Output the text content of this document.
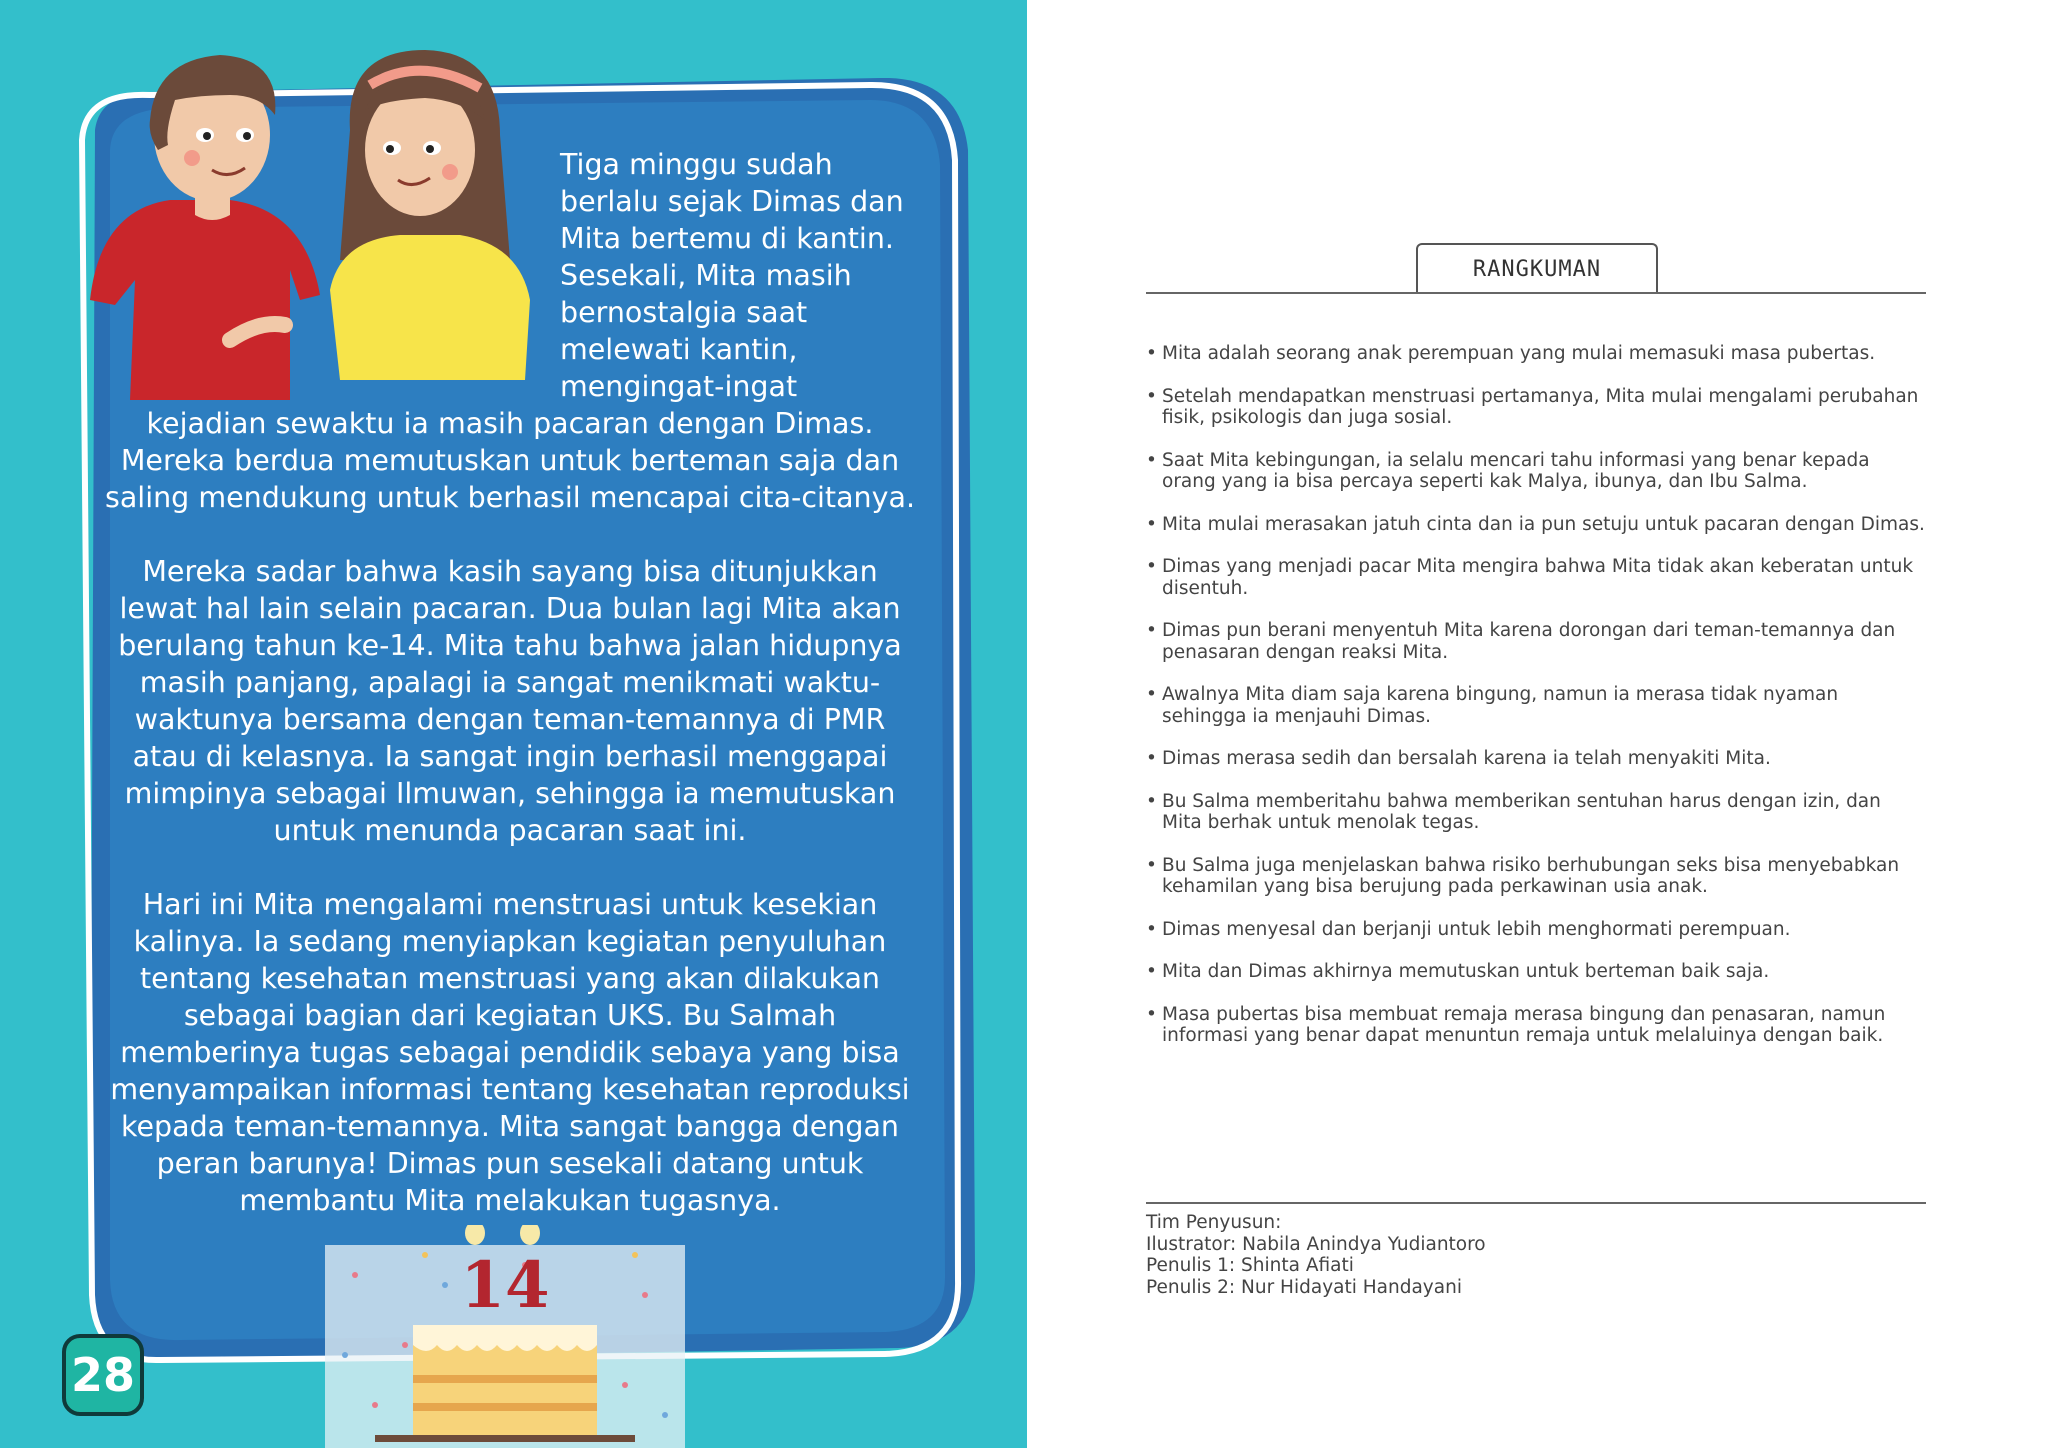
Tiga minggu sudah berlalu sejak Dimas dan Mita bertemu di kantin. Sesekali, Mita masih bernostalgia saat melewati kantin, mengingat-ingat
kejadian sewaktu ia masih pacaran dengan Dimas. Mereka berdua memutuskan untuk berteman saja dan saling mendukung untuk berhasil mencapai cita-citanya.

Mereka sadar bahwa kasih sayang bisa ditunjukkan lewat hal lain selain pacaran. Dua bulan lagi Mita akan berulang tahun ke-14. Mita tahu bahwa jalan hidupnya masih panjang, apalagi ia sangat menikmati waktu-waktunya bersama dengan teman-temannya di PMR atau di kelasnya. Ia sangat ingin berhasil menggapai mimpinya sebagai Ilmuwan, sehingga ia memutuskan untuk menunda pacaran saat ini.

Hari ini Mita mengalami menstruasi untuk kesekian kalinya. Ia sedang menyiapkan kegiatan penyuluhan tentang kesehatan menstruasi yang akan dilakukan sebagai bagian dari kegiatan UKS. Bu Salmah memberinya tugas sebagai pendidik sebaya yang bisa menyampaikan informasi tentang kesehatan reproduksi kepada teman-temannya. Mita sangat bangga dengan peran barunya! Dimas pun sesekali datang untuk membantu Mita melakukan tugasnya.

14
28
RANGKUMAN
• Mita adalah seorang anak perempuan yang mulai memasuki masa pubertas.
• Setelah mendapatkan menstruasi pertamanya, Mita mulai mengalami perubahan fisik, psikologis dan juga sosial.
• Saat Mita kebingungan, ia selalu mencari tahu informasi yang benar kepada orang yang ia bisa percaya seperti kak Malya, ibunya, dan Ibu Salma.
• Mita mulai merasakan jatuh cinta dan ia pun setuju untuk pacaran dengan Dimas.
• Dimas yang menjadi pacar Mita mengira bahwa Mita tidak akan keberatan untuk disentuh.
• Dimas pun berani menyentuh Mita karena dorongan dari teman-temannya dan penasaran dengan reaksi Mita.
• Awalnya Mita diam saja karena bingung, namun ia merasa tidak nyaman sehingga ia menjauhi Dimas.
• Dimas merasa sedih dan bersalah karena ia telah menyakiti Mita.
• Bu Salma memberitahu bahwa memberikan sentuhan harus dengan izin, dan Mita berhak untuk menolak tegas.
• Bu Salma juga menjelaskan bahwa risiko berhubungan seks bisa menyebabkan kehamilan yang bisa berujung pada perkawinan usia anak.
• Dimas menyesal dan berjanji untuk lebih menghormati perempuan.
• Mita dan Dimas akhirnya memutuskan untuk berteman baik saja.
• Masa pubertas bisa membuat remaja merasa bingung dan penasaran, namun informasi yang benar dapat menuntun remaja untuk melaluinya dengan baik.
Tim Penyusun:
Ilustrator: Nabila Anindya Yudiantoro
Penulis 1: Shinta Afiati
Penulis 2: Nur Hidayati Handayani
